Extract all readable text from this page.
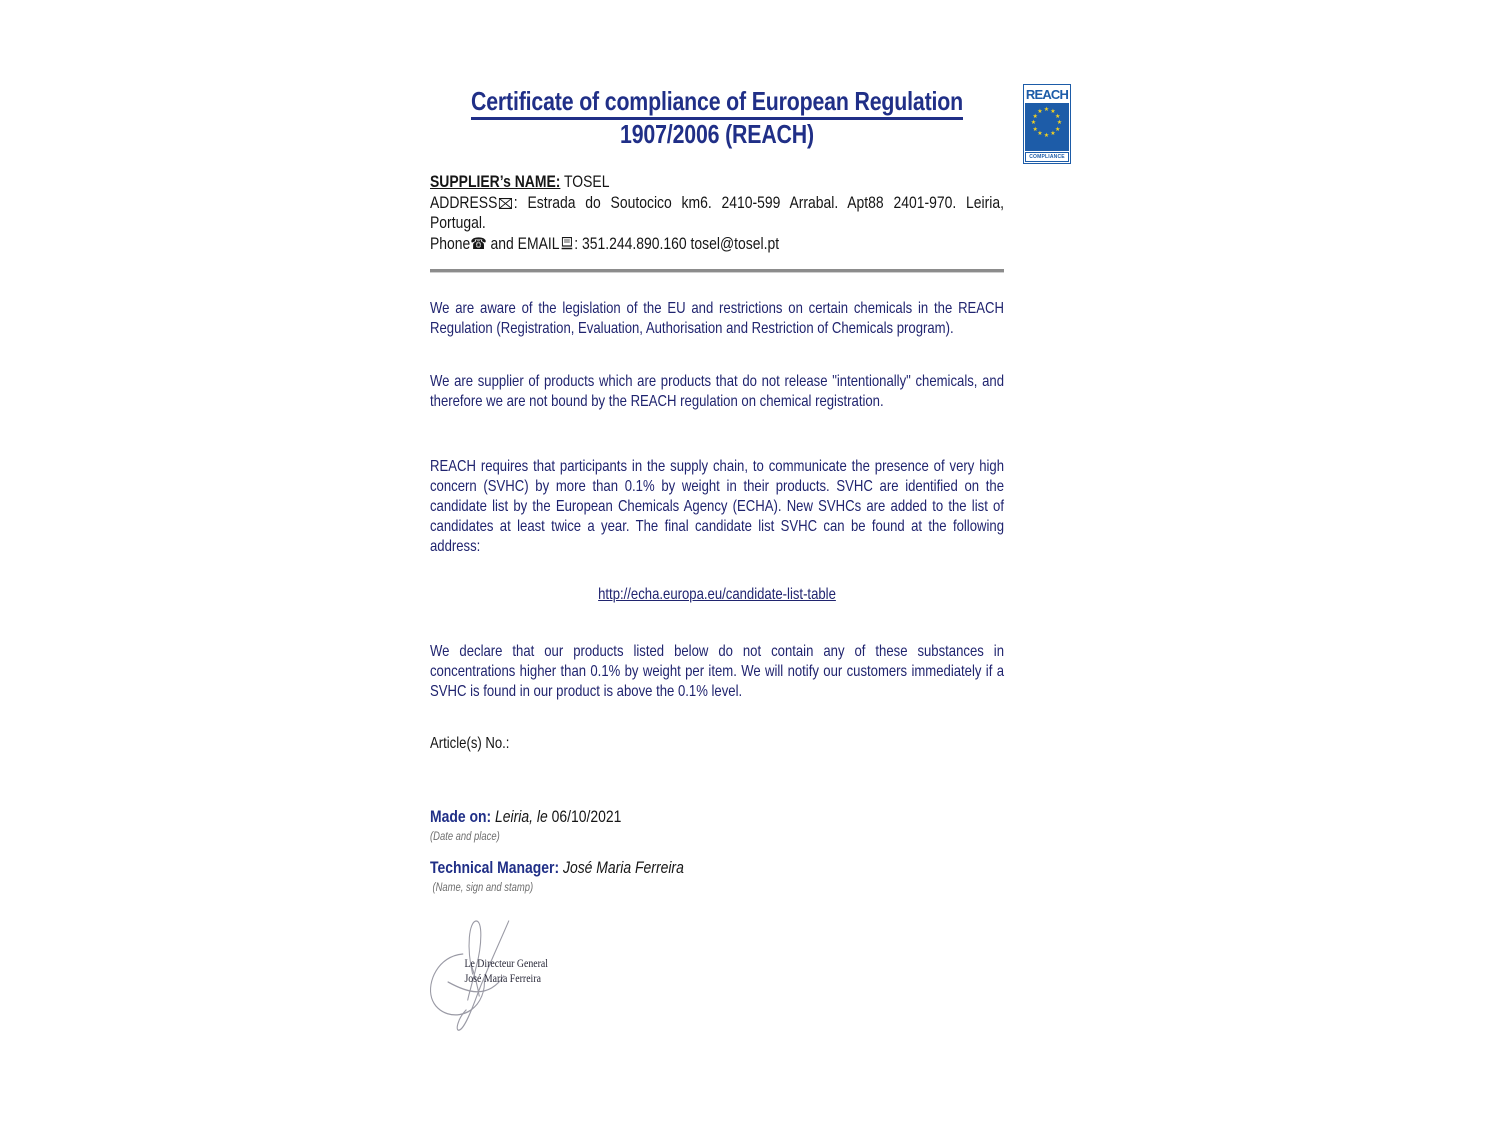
REACH
★ ★
★
★
★
★
★
★
★
★
★
★
COMPLIANCE
Certificate of compliance of European Regulation
1907/2006 (REACH)

SUPPLIER’s NAME: TOSEL

ADDRESS : Estrada do Soutocico km6. 2410-599 Arrabal. Apt88 2401-970. Leiria,
Portugal.

Phone☎ and EMAIL : 351.244.890.160 tosel@tosel.pt

We are aware of the legislation of the EU and restrictions on certain chemicals in the REACH Regulation (Registration, Evaluation, Authorisation and Restriction of Chemicals program).

We are supplier of products which are products that do not release "intentionally" chemicals, and therefore we are not bound by the REACH regulation on chemical registration.

REACH requires that participants in the supply chain, to communicate the presence of very high concern (SVHC) by more than 0.1% by weight in their products. SVHC are identified on the candidate list by the European Chemicals Agency (ECHA). New SVHCs are added to the list of candidates at least twice a year. The final candidate list SVHC can be found at the following address:

http://echa.europa.eu/candidate-list-table

We declare that our products listed below do not contain any of these substances in concentrations higher than 0.1% by weight per item. We will notify our customers immediately if a SVHC is found in our product is above the 0.1% level.

Article(s) No.:

Made on: Leiria, le 06/10/2021

(Date and place)

Technical Manager: José Maria Ferreira

(Name, sign and stamp)

Le Directeur General
José Maria Ferreira
